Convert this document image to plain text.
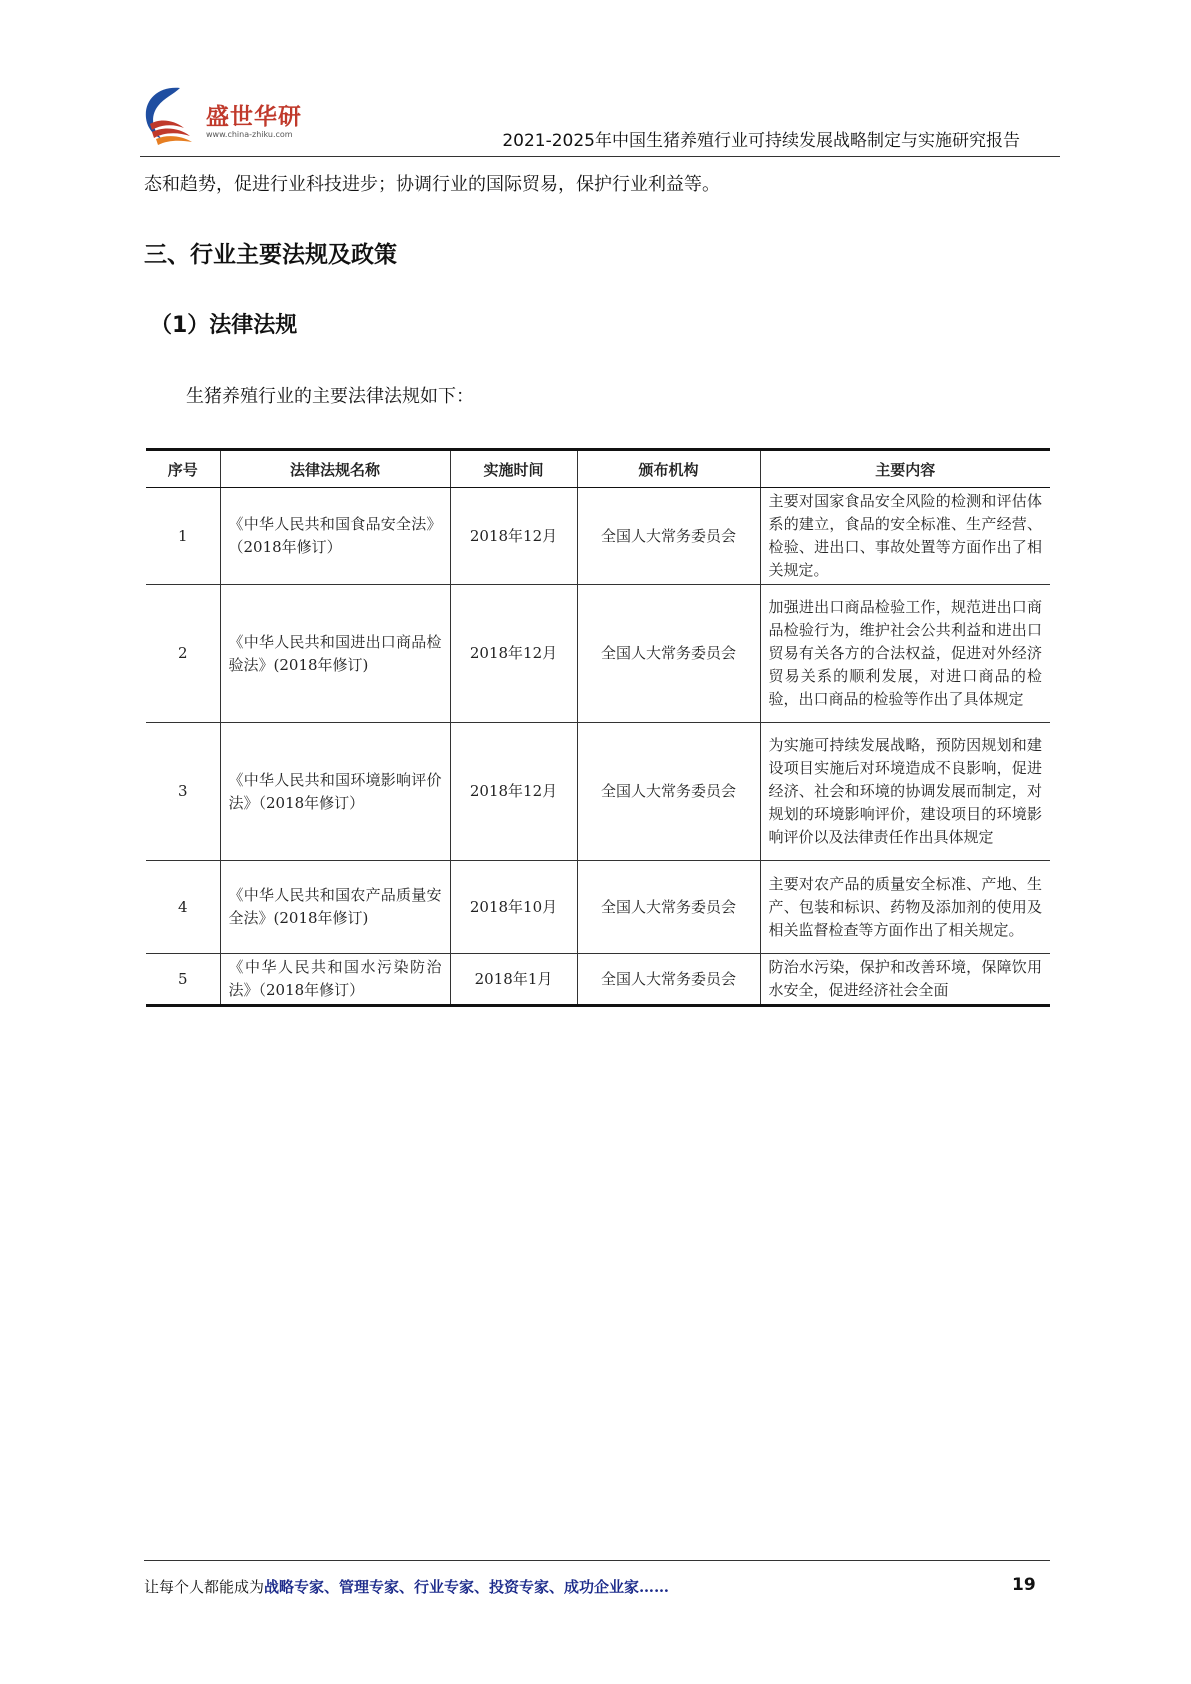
盛世华研
www.china-zhiku.com	2021-2025年中国生猪养殖行业可持续发展战略制定与实施研究报告
态和趋势，促进行业科技进步；协调行业的国际贸易，保护行业利益等。
三、行业主要法规及政策
（1）法律法规
生猪养殖行业的主要法律法规如下：
序号	法律法规名称	实施时间	颁布机构	主要内容
1	《中华人民共和国食品安全法》（2018年修订）	2018年12月	全国人大常务委员会	主要对国家食品安全风险的检测和评估体系的建立，食品的安全标准、生产经营、检验、进出口、事故处置等方面作出了相关规定。
2	《中华人民共和国进出口商品检验法》(2018年修订)	2018年12月	全国人大常务委员会	加强进出口商品检验工作，规范进出口商品检验行为，维护社会公共利益和进出口贸易有关各方的合法权益，促进对外经济贸易关系的顺利发展，对进口商品的检验，出口商品的检验等作出了具体规定
3	《中华人民共和国环境影响评价法》（2018年修订）	2018年12月	全国人大常务委员会	为实施可持续发展战略，预防因规划和建设项目实施后对环境造成不良影响，促进经济、社会和环境的协调发展而制定，对规划的环境影响评价，建设项目的环境影响评价以及法律责任作出具体规定
4	《中华人民共和国农产品质量安全法》(2018年修订)	2018年10月	全国人大常务委员会	主要对农产品的质量安全标准、产地、生产、包装和标识、药物及添加剂的使用及相关监督检查等方面作出了相关规定。
5	《中华人民共和国水污染防治法》（2018年修订）	2018年1月	全国人大常务委员会	防治水污染，保护和改善环境，保障饮用水安全，促进经济社会全面
让每个人都能成为战略专家、管理专家、行业专家、投资专家、成功企业家……	19
